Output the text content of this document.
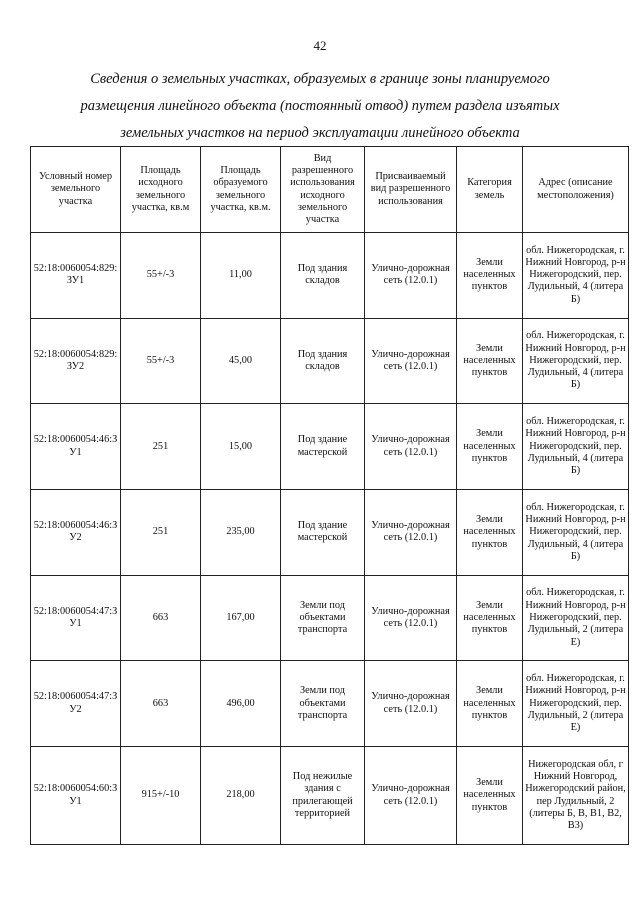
42
Сведения о земельных участках, образуемых в границе зоны планируемого
размещения линейного объекта (постоянный отвод) путем раздела изъятых
земельных участков на период эксплуатации линейного объекта
Условный номер земельного участка	Площадь исходного земельного участка, кв.м	Площадь образуемого земельного участка, кв.м.	Вид разрешенного использования исходного земельного участка	Присваиваемый вид разрешенного использования	Категория земель	Адрес (описание местоположения)
52:18:0060054:829:ЗУ1	55+/-3	11,00	Под здания складов	Улично-дорожная сеть (12.0.1)	Земли населенных пунктов	обл. Нижегородская, г. Нижний Новгород, р-н Нижегородский, пер. Лудильный, 4 (литера Б)
52:18:0060054:829:ЗУ2	55+/-3	45,00	Под здания складов	Улично-дорожная сеть (12.0.1)	Земли населенных пунктов	обл. Нижегородская, г. Нижний Новгород, р-н Нижегородский, пер. Лудильный, 4 (литера Б)
52:18:0060054:46:ЗУ1	251	15,00	Под здание мастерской	Улично-дорожная сеть (12.0.1)	Земли населенных пунктов	обл. Нижегородская, г. Нижний Новгород, р-н Нижегородский, пер. Лудильный, 4 (литера Б)
52:18:0060054:46:ЗУ2	251	235,00	Под здание мастерской	Улично-дорожная сеть (12.0.1)	Земли населенных пунктов	обл. Нижегородская, г. Нижний Новгород, р-н Нижегородский, пер. Лудильный, 4 (литера Б)
52:18:0060054:47:ЗУ1	663	167,00	Земли под объектами транспорта	Улично-дорожная сеть (12.0.1)	Земли населенных пунктов	обл. Нижегородская, г. Нижний Новгород, р-н Нижегородский, пер. Лудильный, 2 (литера Е)
52:18:0060054:47:ЗУ2	663	496,00	Земли под объектами транспорта	Улично-дорожная сеть (12.0.1)	Земли населенных пунктов	обл. Нижегородская, г. Нижний Новгород, р-н Нижегородский, пер. Лудильный, 2 (литера Е)
52:18:0060054:60:ЗУ1	915+/-10	218,00	Под нежилые здания с прилегающей территорией	Улично-дорожная сеть (12.0.1)	Земли населенных пунктов	Нижегородская обл, г Нижний Новгород, Нижегородский район, пер Лудильный, 2 (литеры Б, В, В1, В2, В3)
